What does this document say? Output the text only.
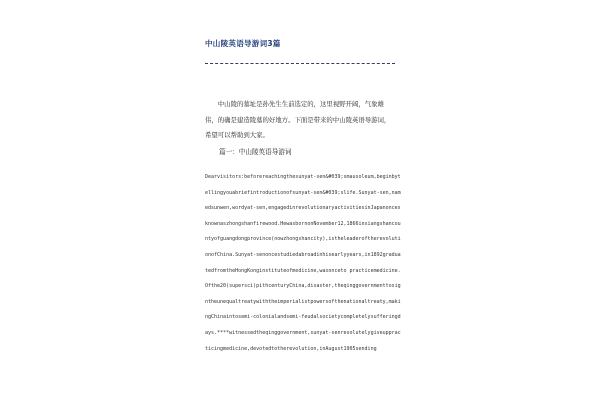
中山陵英语导游词3篇
中山陵的墓址是孙先生生前选定的，这里视野开阔，气象雄伟，的确是建造陵墓的好地方。下面是带来的中山陵英语导游词，希望可以帮助到大家。
篇一：中山陵英语导游词
Dearvisitors:beforereachingthesunyat-sen&#039;smausoleum,beginbytellingyouabriefintroductionofsunyat-sen&#039;slife.Sunyat-sen,namedsunwen,wordyat-sen,engagedinrevolutionaryactivitiesinJapanoncesknownaszhongshanfirewood.HewasbornonNovember12,1866inxiangshancountyofguangdongprovince(nowzhongshancity),istheleaderoftherevolutionofChina.Sunyat-senoncestudiedabroadinhisearlyyears,in1892graduatedfromtheHongKonginstituteofmedicine,wasonceto practicemedicine.Ofthe20(supersci)pithcenturyChina,disaster,theqinggovernmenttosigntheunequaltreatywiththeimperialistpowersofthenationaltreaty,makingChinaintosemi-colonialandsemi-feudalsocietycompletelysufferingdays.****witnessedtheqinggovernment,sunyat-senresolutelygiveuppracticingmedicine,devotedtotherevolution,inAugust1905sending
